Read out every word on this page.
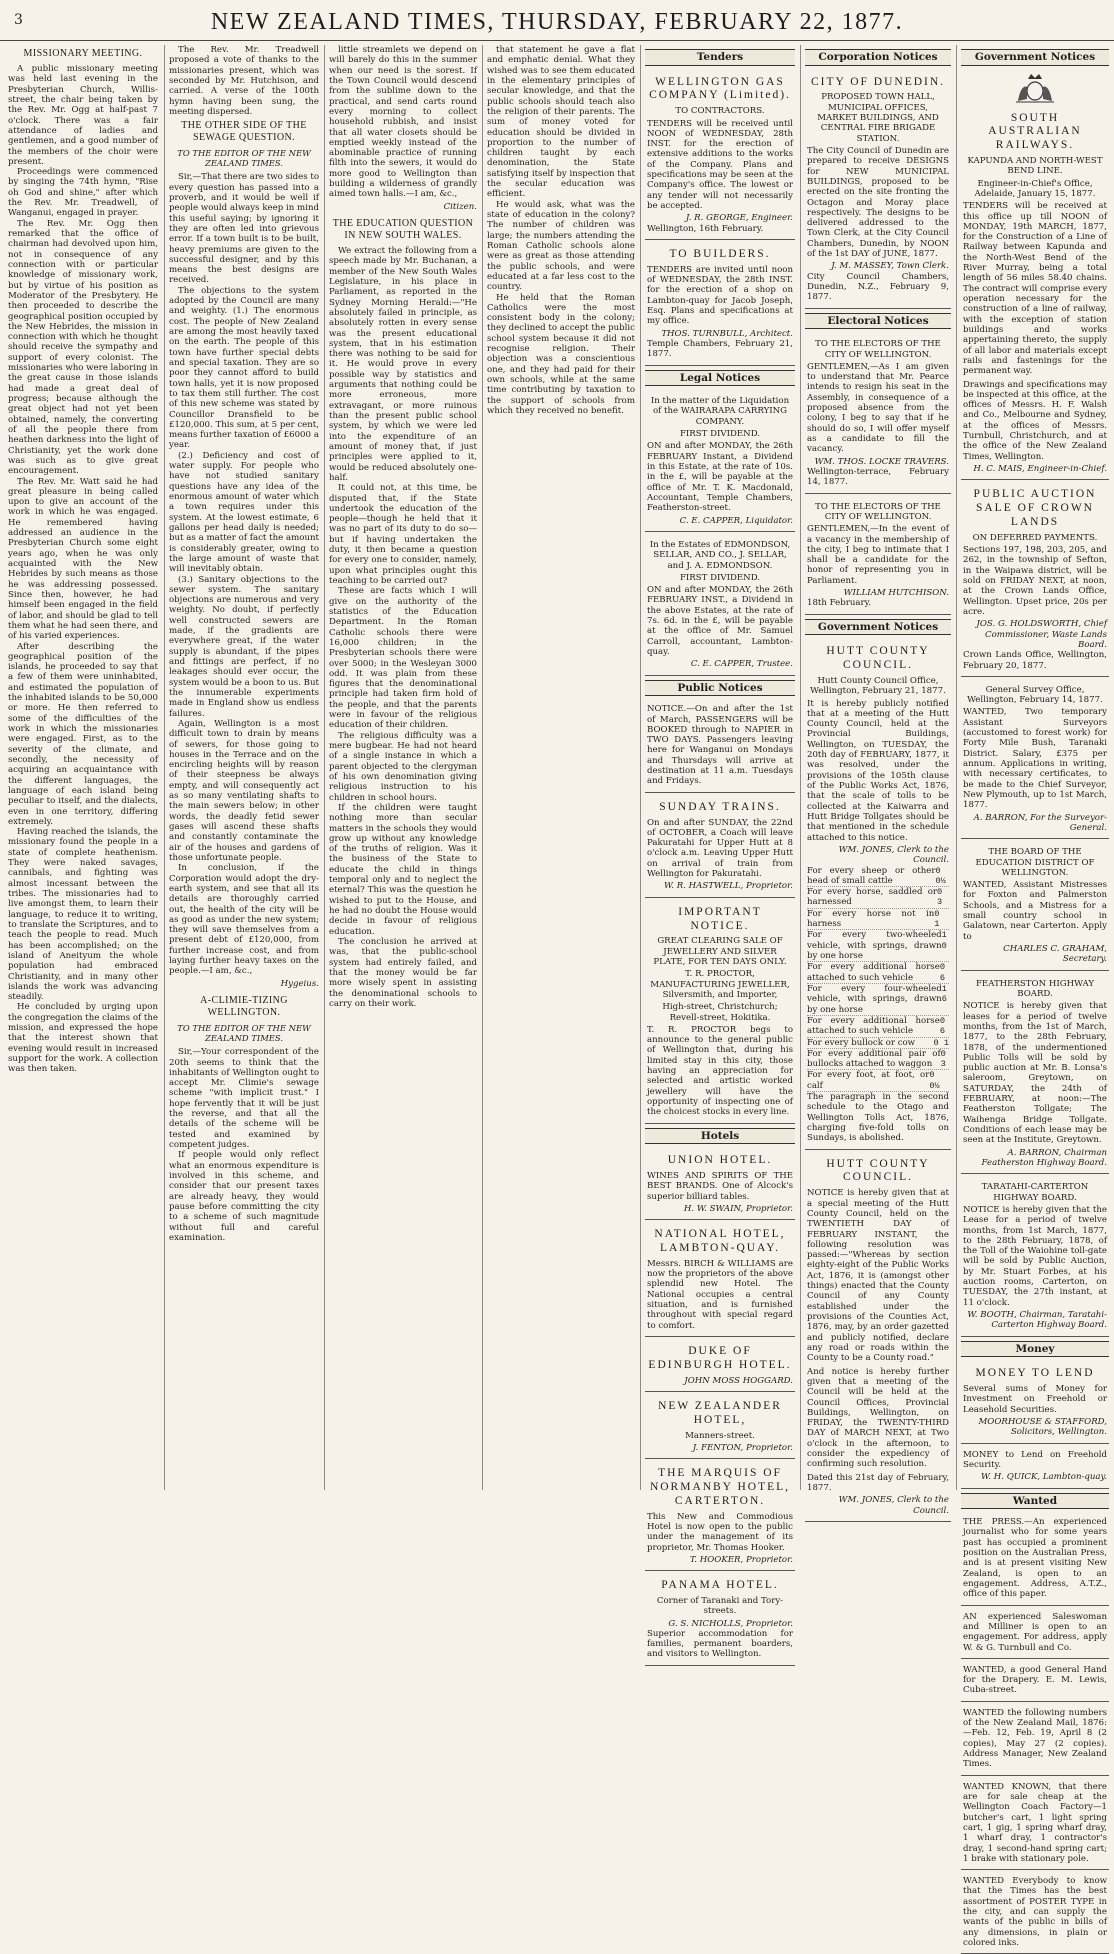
3	NEW ZEALAND TIMES, THURSDAY, FEBRUARY 22, 1877.
MISSIONARY MEETING.

A public missionary meeting was held last evening in the Presbyterian Church, Willis-street, the chair being taken by the Rev. Mr. Ogg at half-past 7 o'clock. There was a fair attendance of ladies and gentlemen, and a good number of the members of the choir were present.

Proceedings were commenced by singing the 74th hymn, "Rise oh God and shine," after which the Rev. Mr. Treadwell, of Wanganui, engaged in prayer.

The Rev. Mr. Ogg then remarked that the office of chairman had devolved upon him, not in consequence of any connection with or particular knowledge of missionary work, but by virtue of his position as Moderator of the Presbytery. He then proceeded to describe the geographical position occupied by the New Hebrides, the mission in connection with which he thought should receive the sympathy and support of every colonist. The missionaries who were laboring in the great cause in those islands had made a great deal of progress; because although the great object had not yet been obtained, namely, the converting of all the people there from heathen darkness into the light of Christianity, yet the work done was such as to give great encouragement.

The Rev. Mr. Watt said he had great pleasure in being called upon to give an account of the work in which he was engaged. He remembered having addressed an audience in the Presbyterian Church some eight years ago, when he was only acquainted with the New Hebrides by such means as those he was addressing possessed. Since then, however, he had himself been engaged in the field of labor, and should be glad to tell them what he had seen there, and of his varied experiences.

After describing the geographical position of the islands, he proceeded to say that a few of them were uninhabited, and estimated the population of the inhabited islands to be 50,000 or more. He then referred to some of the difficulties of the work in which the missionaries were engaged. First, as to the severity of the climate, and secondly, the necessity of acquiring an acquaintance with the different languages, the language of each island being peculiar to itself, and the dialects, even in one territory, differing extremely.

Having reached the islands, the missionary found the people in a state of complete heathenism. They were naked savages, cannibals, and fighting was almost incessant between the tribes. The missionaries had to live amongst them, to learn their language, to reduce it to writing, to translate the Scriptures, and to teach the people to read. Much has been accomplished; on the island of Aneityum the whole population had embraced Christianity, and in many other islands the work was advancing steadily.

He concluded by urging upon the congregation the claims of the mission, and expressed the hope that the interest shown that evening would result in increased support for the work. A collection was then taken.

The Rev. Mr. Treadwell proposed a vote of thanks to the missionaries present, which was seconded by Mr. Hutchison, and carried. A verse of the 100th hymn having been sung, the meeting dispersed.

THE OTHER SIDE OF THE SEWAGE QUESTION.
TO THE EDITOR OF THE NEW ZEALAND TIMES.

Sir,—That there are two sides to every question has passed into a proverb, and it would be well if people would always keep in mind this useful saying; by ignoring it they are often led into grievous error. If a town built is to be built, heavy premiums are given to the successful designer, and by this means the best designs are received.

The objections to the system adopted by the Council are many and weighty. (1.) The enormous cost. The people of New Zealand are among the most heavily taxed on the earth. The people of this town have further special debts and special taxation. They are so poor they cannot afford to build town halls, yet it is now proposed to tax them still further. The cost of this new scheme was stated by Councillor Dransfield to be £120,000. This sum, at 5 per cent, means further taxation of £6000 a year.

(2.) Deficiency and cost of water supply. For people who have not studied sanitary questions have any idea of the enormous amount of water which a town requires under this system. At the lowest estimate, 6 gallons per head daily is needed; but as a matter of fact the amount is considerably greater, owing to the large amount of waste that will inevitably obtain.

(3.) Sanitary objections to the sewer system. The sanitary objections are numerous and very weighty. No doubt, if perfectly well constructed sewers are made, if the gradients are everywhere great, if the water supply is abundant, if the pipes and fittings are perfect, if no leakages should ever occur, the system would be a boon to us. But the innumerable experiments made in England show us endless failures.

Again, Wellington is a most difficult town to drain by means of sewers, for those going to houses in the Terrace and on the encircling heights will by reason of their steepness be always empty, and will consequently act as so many ventilating shafts to the main sewers below; in other words, the deadly fetid sewer gases will ascend these shafts and constantly contaminate the air of the houses and gardens of those unfortunate people.

In conclusion, if the Corporation would adopt the dry-earth system, and see that all its details are thoroughly carried out, the health of the city will be as good as under the new system; they will save themselves from a present debt of £120,000, from further increase cost, and from laying further heavy taxes on the people.—I am, &c.,

Hygeius.
A-CLIMIE-TIZING WELLINGTON.
TO THE EDITOR OF THE NEW ZEALAND TIMES.

Sir,—Your correspondent of the 20th seems to think that the inhabitants of Wellington ought to accept Mr. Climie's sewage scheme "with implicit trust." I hope fervently that it will be just the reverse, and that all the details of the scheme will be tested and examined by competent judges.

If people would only reflect what an enormous expenditure is involved in this scheme, and consider that our present taxes are already heavy, they would pause before committing the city to a scheme of such magnitude without full and careful examination.

little streamlets we depend on will barely do this in the summer when our need is the sorest. If the Town Council would descend from the sublime down to the practical, and send carts round every morning to collect household rubbish, and insist that all water closets should be emptied weekly instead of the abominable practice of running filth into the sewers, it would do more good to Wellington than building a wilderness of grandly aimed town halls.—I am, &c.,

Citizen.
THE EDUCATION QUESTION IN NEW SOUTH WALES.

We extract the following from a speech made by Mr. Buchanan, a member of the New South Wales Legislature, in his place in Parliament, as reported in the Sydney Morning Herald:—"He absolutely failed in principle, as absolutely rotten in every sense was the present educational system, that in his estimation there was nothing to be said for it. He would prove in every possible way by statistics and arguments that nothing could be more erroneous, more extravagant, or more ruinous than the present public school system, by which we were led into the expenditure of an amount of money that, if just principles were applied to it, would be reduced absolutely one-half.

It could not, at this time, be disputed that, if the State undertook the education of the people—though he held that it was no part of its duty to do so—but if having undertaken the duty, it then became a question for every one to consider, namely, upon what principles ought this teaching to be carried out?

These are facts which I will give on the authority of the statistics of the Education Department. In the Roman Catholic schools there were 16,000 children; in the Presbyterian schools there were over 5000; in the Wesleyan 3000 odd. It was plain from these figures that the denominational principle had taken firm hold of the people, and that the parents were in favour of the religious education of their children.

The religious difficulty was a mere bugbear. He had not heard of a single instance in which a parent objected to the clergyman of his own denomination giving religious instruction to his children in school hours.

If the children were taught nothing more than secular matters in the schools they would grow up without any knowledge of the truths of religion. Was it the business of the State to educate the child in things temporal only and to neglect the eternal? This was the question he wished to put to the House, and he had no doubt the House would decide in favour of religious education.

The conclusion he arrived at was, that the public-school system had entirely failed, and that the money would be far more wisely spent in assisting the denominational schools to carry on their work.

that statement he gave a flat and emphatic denial. What they wished was to see them educated in the elementary principles of secular knowledge, and that the public schools should teach also the religion of their parents. The sum of money voted for education should be divided in proportion to the number of children taught by each denomination, the State satisfying itself by inspection that the secular education was efficient.

He would ask, what was the state of education in the colony? The number of children was large; the numbers attending the Roman Catholic schools alone were as great as those attending the public schools, and were educated at a far less cost to the country.

He held that the Roman Catholics were the most consistent body in the colony; they declined to accept the public school system because it did not recognise religion. Their objection was a conscientious one, and they had paid for their own schools, while at the same time contributing by taxation to the support of schools from which they received no benefit.

Tenders
WELLINGTON GAS COMPANY (Limited).
TO CONTRACTORS.
TENDERS will be received until NOON of WEDNESDAY, 28th INST. for the erection of extensive additions to the works of the Company. Plans and specifications may be seen at the Company's office. The lowest or any tender will not necessarily be accepted.
J. R. GEORGE, Engineer.
Wellington, 16th February.
TO BUILDERS.
TENDERS are invited until noon of WEDNESDAY, the 28th INST. for the erection of a shop on Lambton-quay for Jacob Joseph, Esq. Plans and specifications at my office.
THOS. TURNBULL, Architect.
Temple Chambers, February 21, 1877.
Legal Notices
In the matter of the Liquidation of the WAIRARAPA CARRYING COMPANY.
FIRST DIVIDEND.
ON and after MONDAY, the 26th FEBRUARY Instant, a Dividend in this Estate, at the rate of 10s. in the £, will be payable at the office of Mr. T. K. Macdonald, Accountant, Temple Chambers, Featherston-street.
C. E. CAPPER, Liquidator.
In the Estates of EDMONDSON, SELLAR, AND CO., J. SELLAR, and J. A. EDMONDSON.
FIRST DIVIDEND.
ON and after MONDAY, the 26th FEBRUARY INST., a Dividend in the above Estates, at the rate of 7s. 6d. in the £, will be payable at the office of Mr. Samuel Carroll, accountant, Lambton-quay.
C. E. CAPPER, Trustee.
Public Notices
NOTICE.—On and after the 1st of March, PASSENGERS will be BOOKED through to NAPIER in TWO DAYS. Passengers leaving here for Wanganui on Mondays and Thursdays will arrive at destination at 11 a.m. Tuesdays and Fridays.
SUNDAY TRAINS.
On and after SUNDAY, the 22nd of OCTOBER, a Coach will leave Pakuratahi for Upper Hutt at 8 o'clock a.m. Leaving Upper Hutt on arrival of train from Wellington for Pakuratahi.
W. R. HASTWELL, Proprietor.
IMPORTANT NOTICE.
GREAT CLEARING SALE OF JEWELLERY AND SILVER PLATE, FOR TEN DAYS ONLY.
T. R. PROCTOR, MANUFACTURING JEWELLER, Silversmith, and Importer,
High-street, Christchurch; Revell-street, Hokitika.
T. R. PROCTOR begs to announce to the general public of Wellington that, during his limited stay in this city, those having an appreciation for selected and artistic worked jewellery will have the opportunity of inspecting one of the choicest stocks in every line.
Hotels
UNION HOTEL.
WINES AND SPIRITS OF THE BEST BRANDS. One of Alcock's superior billiard tables.
H. W. SWAIN, Proprietor.
NATIONAL HOTEL, LAMBTON-QUAY.
Messrs. BIRCH & WILLIAMS are now the proprietors of the above splendid new Hotel. The National occupies a central situation, and is furnished throughout with special regard to comfort.
DUKE OF EDINBURGH HOTEL.
JOHN MOSS HOGGARD.
NEW ZEALANDER HOTEL,
Manners-street.
J. FENTON, Proprietor.
THE MARQUIS OF NORMANBY HOTEL, CARTERTON.
This New and Commodious Hotel is now open to the public under the management of its proprietor, Mr. Thomas Hooker.
T. HOOKER, Proprietor.
PANAMA HOTEL.
Corner of Taranaki and Tory-streets.
G. S. NICHOLLS, Proprietor.
Superior accommodation for families, permanent boarders, and visitors to Wellington.
Corporation Notices
CITY OF DUNEDIN.
PROPOSED TOWN HALL, MUNICIPAL OFFICES, MARKET BUILDINGS, AND CENTRAL FIRE BRIGADE STATION.
The City Council of Dunedin are prepared to receive DESIGNS for NEW MUNICIPAL BUILDINGS, proposed to be erected on the site fronting the Octagon and Moray place respectively. The designs to be delivered addressed to the Town Clerk, at the City Council Chambers, Dunedin, by NOON of the 1st DAY of JUNE, 1877.
J. M. MASSEY, Town Clerk.
City Council Chambers, Dunedin, N.Z., February 9, 1877.
Electoral Notices
TO THE ELECTORS OF THE CITY OF WELLINGTON.
GENTLEMEN,—As I am given to understand that Mr. Pearce intends to resign his seat in the Assembly, in consequence of a proposed absence from the colony, I beg to say that if he should do so, I will offer myself as a candidate to fill the vacancy.
WM. THOS. LOCKE TRAVERS.
Wellington-terrace, February 14, 1877.
TO THE ELECTORS OF THE CITY OF WELLINGTON.
GENTLEMEN,—In the event of a vacancy in the membership of the city, I beg to intimate that I shall be a candidate for the honor of representing you in Parliament.
WILLIAM HUTCHISON.
18th February.
Government Notices
HUTT COUNTY COUNCIL.
Hutt County Council Office, Wellington, February 21, 1877.
It is hereby publicly notified that at a meeting of the Hutt County Council, held at the Provincial Buildings, Wellington, on TUESDAY, the 20th day of FEBRUARY, 1877, it was resolved, under the provisions of the 105th clause of the Public Works Act, 1876, that the scale of tolls to be collected at the Kaiwarra and Hutt Bridge Tollgates should be that mentioned in the schedule attached to this notice.
WM. JONES, Clerk to the Council.
For every sheep or other head of small cattle
0 0½
For every horse, saddled or harnessed
0 3
For every horse not in harness
0 1
For every two-wheeled vehicle, with springs, drawn by one horse
1 0
For every additional horse attached to such vehicle
0 6
For every four-wheeled vehicle, with springs, drawn by one horse
1 6
For every additional horse attached to such vehicle
0 6
For every bullock or cow 0 1
For every additional pair of bullocks attached to waggon
0 3
For every foot, at foot, or calf
0 0½
The paragraph in the second schedule to the Otago and Wellington Tolls Act, 1876, charging five-fold tolls on Sundays, is abolished.
HUTT COUNTY COUNCIL.
NOTICE is hereby given that at a special meeting of the Hutt County Council, held on the TWENTIETH DAY of FEBRUARY INSTANT, the following resolution was passed:—"Whereas by section eighty-eight of the Public Works Act, 1876, it is (amongst other things) enacted that the County Council of any County established under the provisions of the Counties Act, 1876, may, by an order gazetted and publicly notified, declare any road or roads within the County to be a County road."
And notice is hereby further given that a meeting of the Council will be held at the Council Offices, Provincial Buildings, Wellington, on FRIDAY, the TWENTY-THIRD DAY of MARCH NEXT, at Two o'clock in the afternoon, to consider the expediency of confirming such resolution.
Dated this 21st day of February, 1877.
WM. JONES, Clerk to the Council.
Government Notices
SOUTH AUSTRALIAN RAILWAYS.
KAPUNDA AND NORTH-WEST BEND LINE.
Engineer-in-Chief's Office, Adelaide, January 15, 1877.
TENDERS will be received at this office up till NOON of MONDAY, 19th MARCH, 1877, for the Construction of a Line of Railway between Kapunda and the North-West Bend of the River Murray, being a total length of 56 miles 58.40 chains. The contract will comprise every operation necessary for the construction of a line of railway, with the exception of station buildings and works appertaining thereto, the supply of all labor and materials except rails and fastenings for the permanent way.
Drawings and specifications may be inspected at this office, at the offices of Messrs. H. F. Walsh and Co., Melbourne and Sydney, at the offices of Messrs. Turnbull, Christchurch, and at the office of the New Zealand Times, Wellington.
H. C. MAIS, Engineer-in-Chief.
PUBLIC AUCTION SALE OF CROWN LANDS
ON DEFERRED PAYMENTS.
Sections 197, 198, 203, 205, and 262, in the township of Sefton, in the Waipawa district, will be sold on FRIDAY NEXT, at noon, at the Crown Lands Office, Wellington. Upset price, 20s per acre.
JOS. G. HOLDSWORTH, Chief Commissioner, Waste Lands Board.
Crown Lands Office, Wellington, February 20, 1877.
General Survey Office, Wellington, February 14, 1877.
WANTED, Two temporary Assistant Surveyors (accustomed to forest work) for Forty Mile Bush, Taranaki District. Salary, £375 per annum. Applications in writing, with necessary certificates, to be made to the Chief Surveyor, New Plymouth, up to 1st March, 1877.
A. BARRON, For the Surveyor-General.
THE BOARD OF THE EDUCATION DISTRICT OF WELLINGTON.
WANTED, Assistant Mistresses for Foxton and Palmerston Schools, and a Mistress for a small country school in Galatown, near Carterton. Apply to
CHARLES C. GRAHAM, Secretary.
FEATHERSTON HIGHWAY BOARD.
NOTICE is hereby given that leases for a period of twelve months, from the 1st of March, 1877, to the 28th February, 1878, of the undermentioned Public Tolls will be sold by public auction at Mr. B. Lonsa's saleroom, Greytown, on SATURDAY, the 24th of FEBRUARY, at noon:—The Featherston Tollgate; The Waihenga Bridge Tollgate. Conditions of each lease may be seen at the Institute, Greytown.
A. BARRON, Chairman Featherston Highway Board.
TARATAHI-CARTERTON HIGHWAY BOARD.
NOTICE is hereby given that the Lease for a period of twelve months, from 1st March, 1877, to the 28th February, 1878, of the Toll of the Waiohine toll-gate will be sold by Public Auction, by Mr. Stuart Forbes, at his auction rooms, Carterton, on TUESDAY, the 27th instant, at 11 o'clock.
W. BOOTH, Chairman, Taratahi-Carterton Highway Board.
Money
MONEY TO LEND
Several sums of Money for Investment on Freehold or Leasehold Securities.
MOORHOUSE & STAFFORD, Solicitors, Wellington.
MONEY to Lend on Freehold Security.
W. H. QUICK, Lambton-quay.
Wanted
THE PRESS.—An experienced journalist who for some years past has occupied a prominent position on the Australian Press, and is at present visiting New Zealand, is open to an engagement. Address, A.T.Z., office of this paper.
AN experienced Saleswoman and Milliner is open to an engagement. For address, apply W. & G. Turnbull and Co.
WANTED, a good General Hand for the Drapery. E. M. Lewis, Cuba-street.
WANTED the following numbers of the New Zealand Mail, 1876:—Feb. 12, Feb. 19, April 8 (2 copies), May 27 (2 copies). Address Manager, New Zealand Times.
WANTED KNOWN, that there are for sale cheap at the Wellington Coach Factory—1 butcher's cart, 1 light spring cart, 1 gig, 1 spring wharf dray, 1 wharf dray, 1 contractor's dray, 1 second-hand spring cart; 1 brake with stationary pole.
WANTED Everybody to know that the Times has the best assortment of POSTER TYPE in the city, and can supply the wants of the public in bills of any dimensions, in plain or colored inks.
